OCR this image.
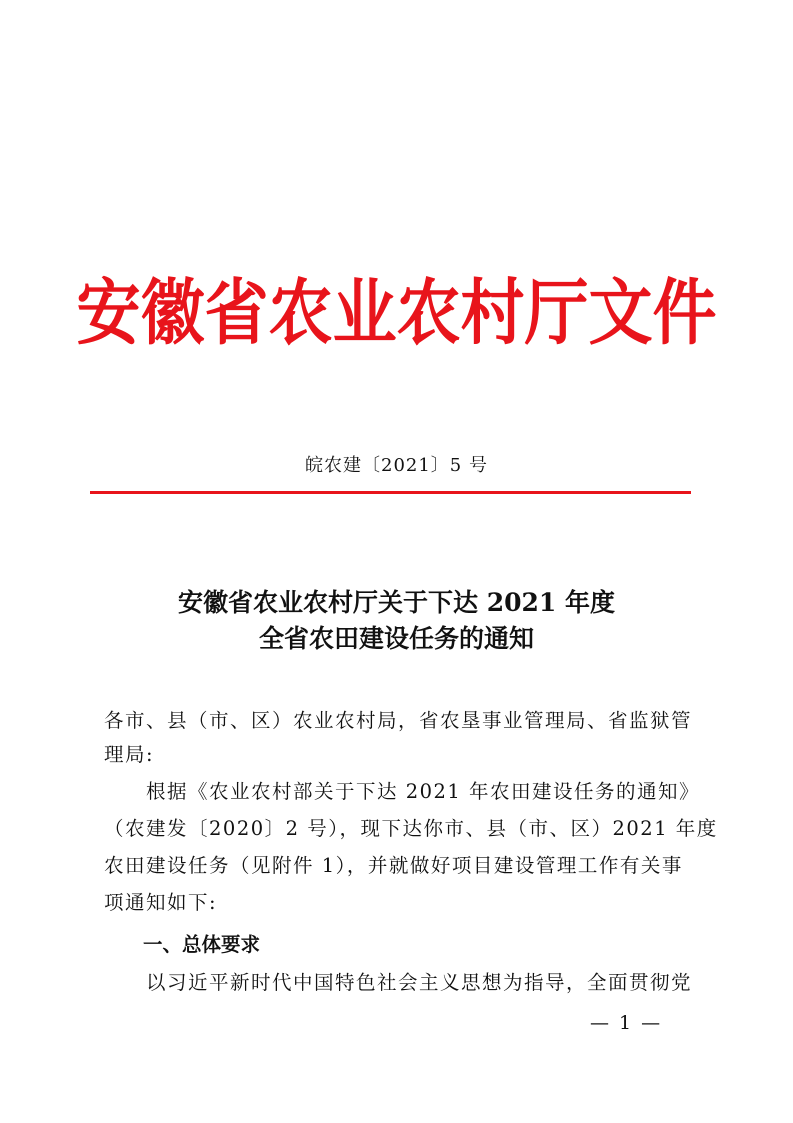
安徽省农业农村厅文件
皖农建〔2021〕5 号
安徽省农业农村厅关于下达 2021 年度
全省农田建设任务的通知
各市、县（市、区）农业农村局，省农垦事业管理局、省监狱管
理局:
　　根据《农业农村部关于下达 2021 年农田建设任务的通知》
（农建发〔2020〕2 号），现下达你市、县（市、区）2021 年度
农田建设任务（见附件 1），并就做好项目建设管理工作有关事
项通知如下:
一、总体要求
　　以习近平新时代中国特色社会主义思想为指导，全面贯彻党
— 1 —
